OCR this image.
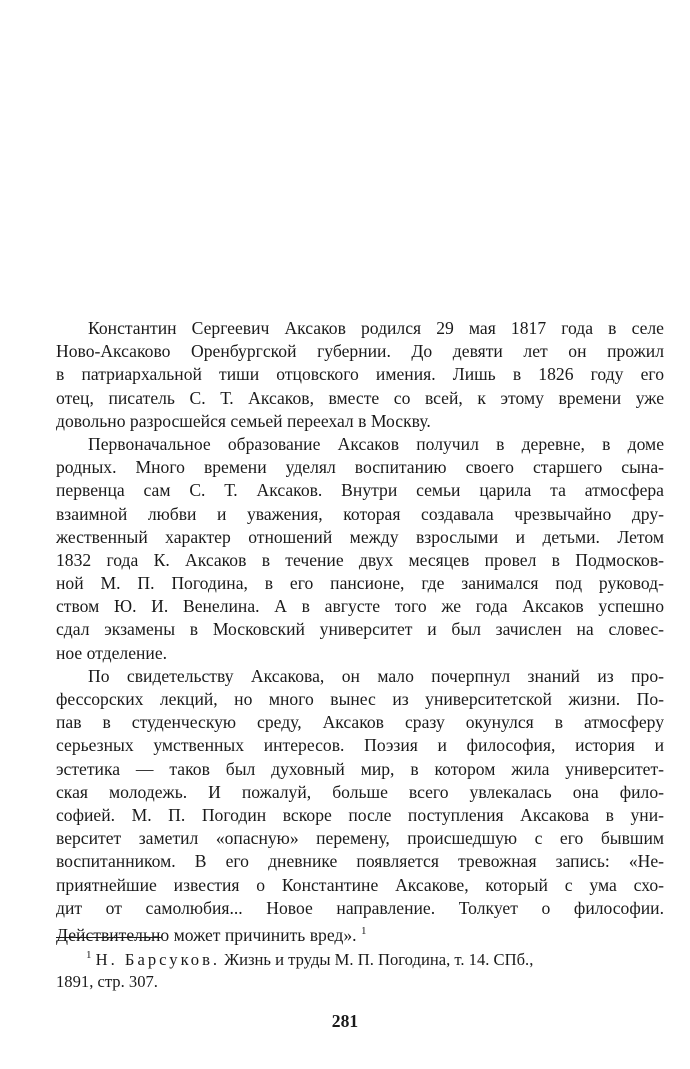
Константин Сергеевич Аксаков родился 29 мая 1817 года в селе
Ново-Аксаково Оренбургской губернии. До девяти лет он прожил
в патриархальной тиши отцовского имения. Лишь в 1826 году его
отец, писатель С. Т. Аксаков, вместе со всей, к этому времени уже
довольно разросшейся семьей переехал в Москву.
Первоначальное образование Аксаков получил в деревне, в доме
родных. Много времени уделял воспитанию своего старшего сына-
первенца сам С. Т. Аксаков. Внутри семьи царила та атмосфера
взаимной любви и уважения, которая создавала чрезвычайно дру-
жественный характер отношений между взрослыми и детьми. Летом
1832 года К. Аксаков в течение двух месяцев провел в Подмосков-
ной М. П. Погодина, в его пансионе, где занимался под руковод-
ством Ю. И. Венелина. А в августе того же года Аксаков успешно
сдал экзамены в Московский университет и был зачислен на словес-
ное отделение.
По свидетельству Аксакова, он мало почерпнул знаний из про-
фессорских лекций, но много вынес из университетской жизни. По-
пав в студенческую среду, Аксаков сразу окунулся в атмосферу
серьезных умственных интересов. Поэзия и философия, история и
эстетика — таков был духовный мир, в котором жила университет-
ская молодежь. И пожалуй, больше всего увлекалась она фило-
софией. М. П. Погодин вскоре после поступления Аксакова в уни-
верситет заметил «опасную» перемену, происшедшую с его бывшим
воспитанником. В его дневнике появляется тревожная запись: «Не-
приятнейшие известия о Константине Аксакове, который с ума схо-
дит от самолюбия... Новое направление. Толкует о философии.
Действительно может причинить вред». $^1$
$^1$ Н. Барсуков. Жизнь и труды М. П. Погодина, т. 14. СПб.,
1891, стр. 307.
281
